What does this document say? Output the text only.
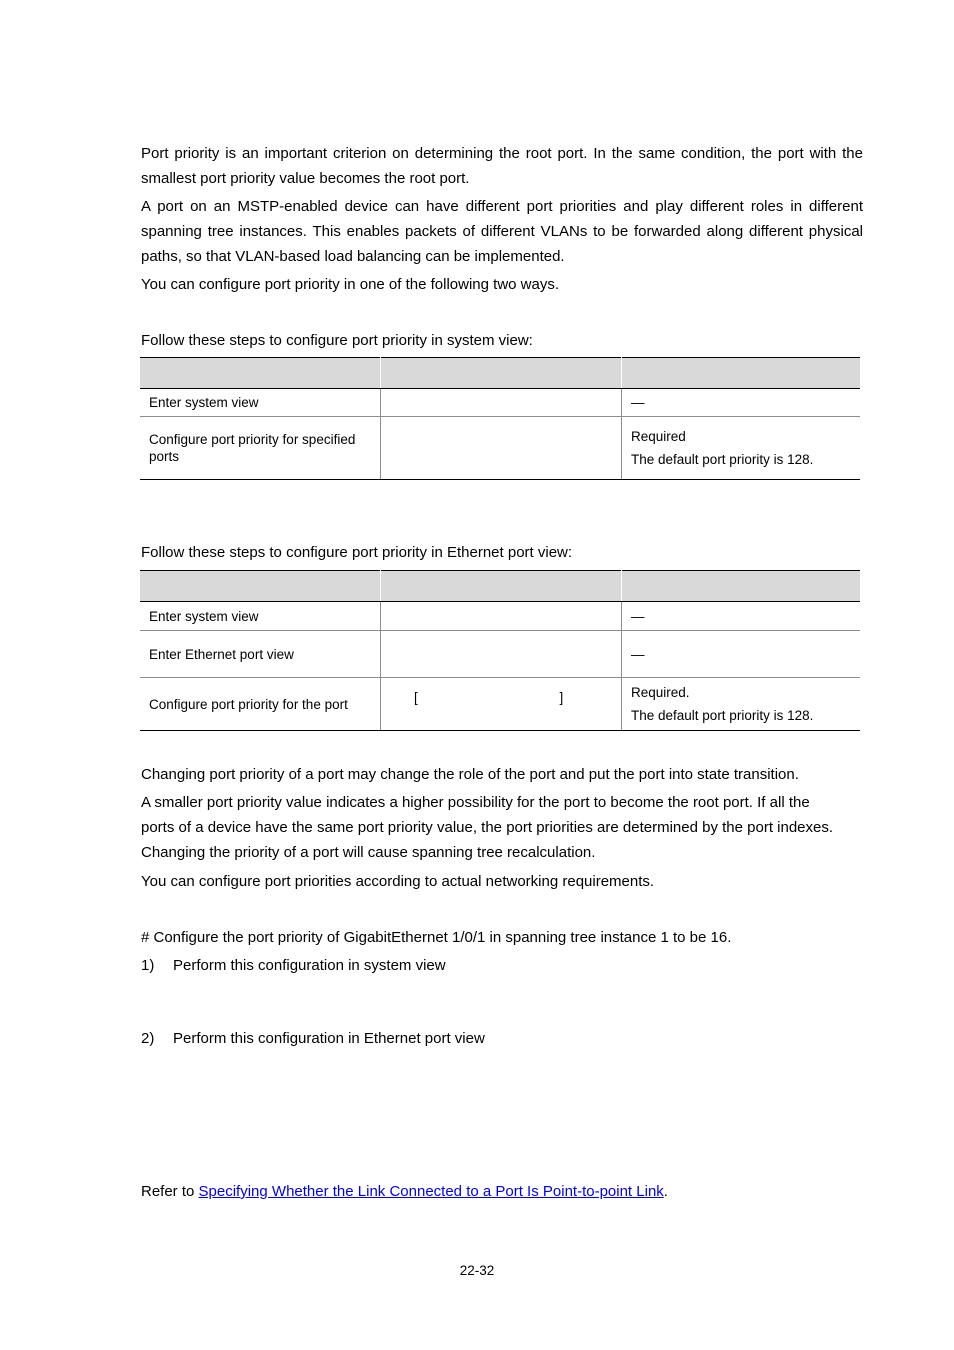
Port priority is an important criterion on determining the root port. In the same condition, the port with the smallest port priority value becomes the root port.
A port on an MSTP-enabled device can have different port priorities and play different roles in different spanning tree instances. This enables packets of different VLANs to be forwarded along different physical paths, so that VLAN-based load balancing can be implemented.
You can configure port priority in one of the following two ways.
Follow these steps to configure port priority in system view:

Enter system view		—
Configure port priority for specified ports		Required
The default port priority is 128.
Follow these steps to configure port priority in Ethernet port view:

Enter system view		—
Enter Ethernet port view		—
Configure port priority for the port	[ ]	Required.
The default port priority is 128.
Changing port priority of a port may change the role of the port and put the port into state transition.
A smaller port priority value indicates a higher possibility for the port to become the root port. If all the
ports of a device have the same port priority value, the port priorities are determined by the port indexes.
Changing the priority of a port will cause spanning tree recalculation.
You can configure port priorities according to actual networking requirements.
# Configure the port priority of GigabitEthernet 1/0/1 in spanning tree instance 1 to be 16.
1) Perform this configuration in system view
2) Perform this configuration in Ethernet port view
Refer to Specifying Whether the Link Connected to a Port Is Point-to-point Link.
22-32
